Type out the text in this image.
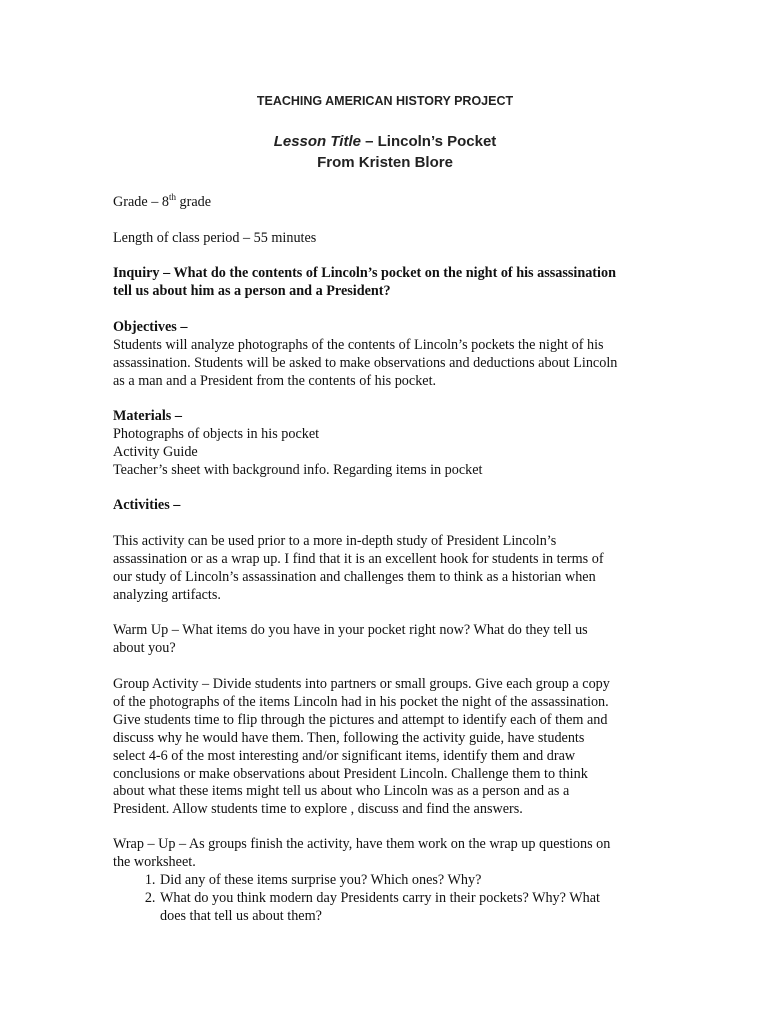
TEACHING AMERICAN HISTORY PROJECT
Lesson Title – Lincoln’s Pocket
From Kristen Blore
Grade – 8th grade
Length of class period – 55 minutes
Inquiry – What do the contents of Lincoln’s pocket on the night of his assassination
tell us about him as a person and a President?
Objectives –
Students will analyze photographs of the contents of Lincoln’s pockets the night of his
assassination. Students will be asked to make observations and deductions about Lincoln
as a man and a President from the contents of his pocket.
Materials –
Photographs of objects in his pocket
Activity Guide
Teacher’s sheet with background info. Regarding items in pocket
Activities –
This activity can be used prior to a more in-depth study of President Lincoln’s
assassination or as a wrap up. I find that it is an excellent hook for students in terms of
our study of Lincoln’s assassination and challenges them to think as a historian when
analyzing artifacts.
Warm Up – What items do you have in your pocket right now? What do they tell us
about you?
Group Activity – Divide students into partners or small groups. Give each group a copy
of the photographs of the items Lincoln had in his pocket the night of the assassination.
Give students time to flip through the pictures and attempt to identify each of them and
discuss why he would have them. Then, following the activity guide, have students
select 4-6 of the most interesting and/or significant items, identify them and draw
conclusions or make observations about President Lincoln. Challenge them to think
about what these items might tell us about who Lincoln was as a person and as a
President. Allow students time to explore , discuss and find the answers.
Wrap – Up – As groups finish the activity, have them work on the wrap up questions on
the worksheet.
1. Did any of these items surprise you? Which ones? Why?
2. What do you think modern day Presidents carry in their pockets? Why? What
does that tell us about them?
